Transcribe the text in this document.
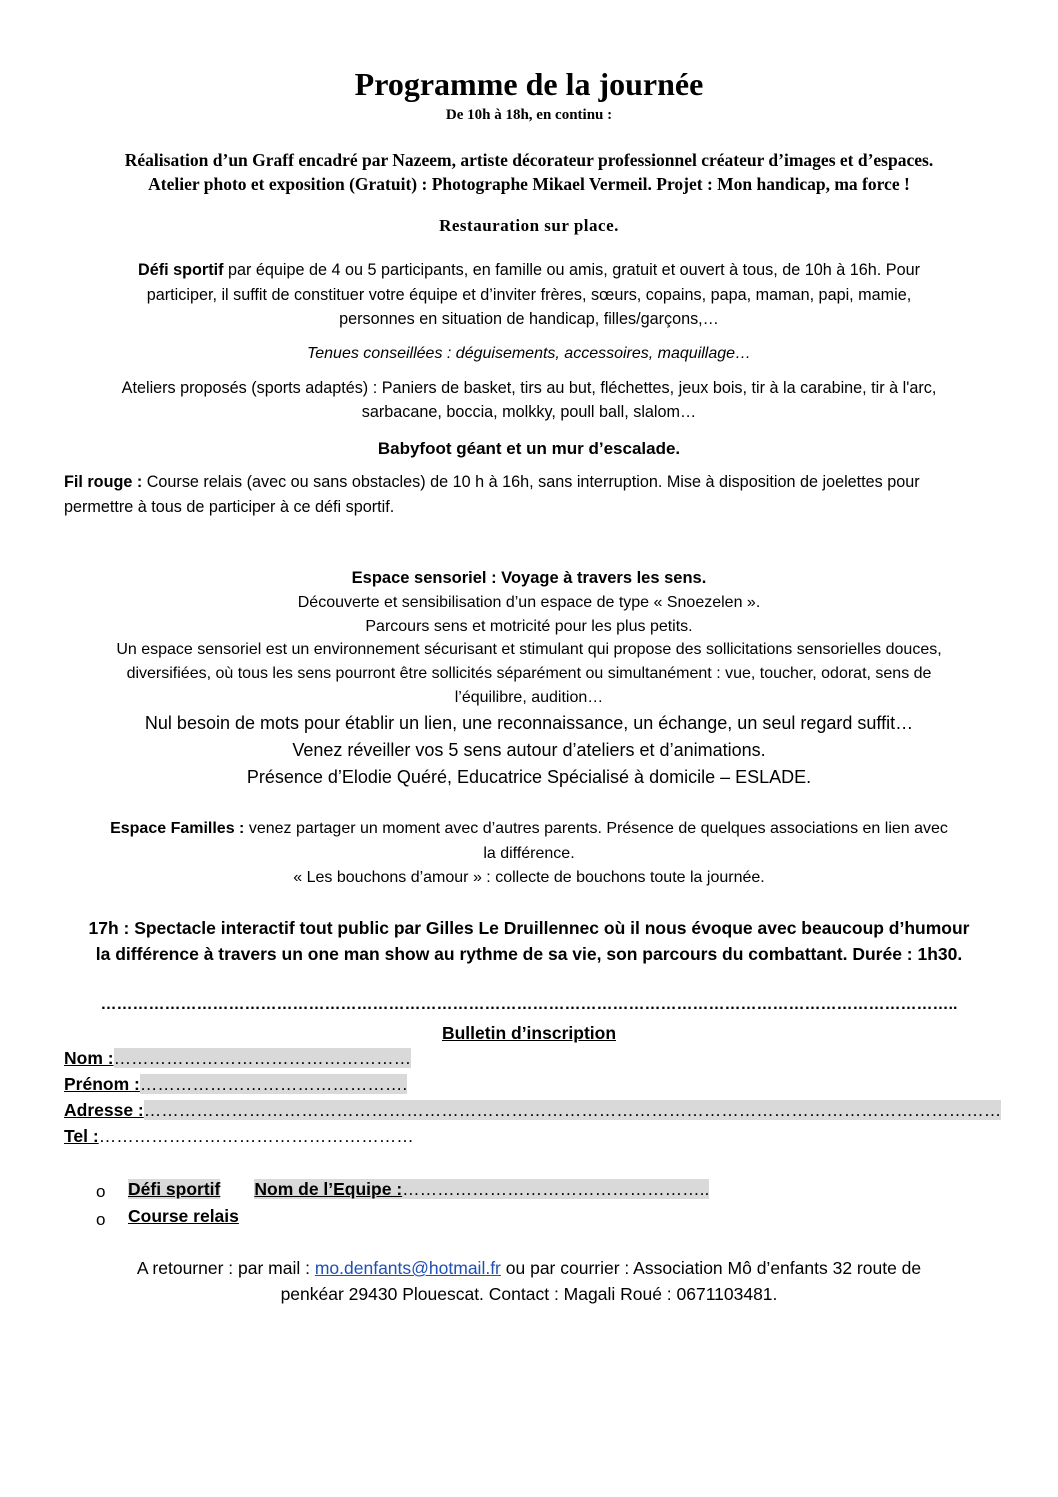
Programme de la journée
De 10h à 18h, en continu :
Réalisation d’un Graff encadré par Nazeem, artiste décorateur professionnel créateur d’images et d’espaces.
Atelier photo et exposition (Gratuit) : Photographe Mikael Vermeil. Projet : Mon handicap, ma force !
Restauration sur place.
Défi sportif par équipe de 4 ou 5 participants, en famille ou amis, gratuit et ouvert à tous, de 10h à 16h. Pour
participer, il suffit de constituer votre équipe et d’inviter frères, sœurs, copains, papa, maman, papi, mamie,
personnes en situation de handicap, filles/garçons,…
Tenues conseillées : déguisements, accessoires, maquillage…
Ateliers proposés (sports adaptés) : Paniers de basket, tirs au but, fléchettes, jeux bois, tir à la carabine, tir à l'arc,
sarbacane, boccia, molkky, poull ball, slalom…
Babyfoot géant et un mur d’escalade.
Fil rouge : Course relais (avec ou sans obstacles) de 10 h à 16h, sans interruption. Mise à disposition de joelettes pour
permettre à tous de participer à ce défi sportif.
Espace sensoriel : Voyage à travers les sens.
Découverte et sensibilisation d’un espace de type « Snoezelen ».
Parcours sens et motricité pour les plus petits.
Un espace sensoriel est un environnement sécurisant et stimulant qui propose des sollicitations sensorielles douces,
diversifiées, où tous les sens pourront être sollicités séparément ou simultanément : vue, toucher, odorat, sens de
l’équilibre, audition…
Nul besoin de mots pour établir un lien, une reconnaissance, un échange, un seul regard suffit…
Venez réveiller vos 5 sens autour d’ateliers et d’animations.
Présence d’Elodie Quéré, Educatrice Spécialisé à domicile – ESLADE.
Espace Familles : venez partager un moment avec d’autres parents. Présence de quelques associations en lien avec
la différence.
« Les bouchons d’amour » : collecte de bouchons toute la journée.
17h : Spectacle interactif tout public par Gilles Le Druillennec où il nous évoque avec beaucoup d’humour
la différence à travers un one man show au rythme de sa vie, son parcours du combattant. Durée : 1h30.
……………………………………………………………………………………………………………………………………………..
Bulletin d’inscription
Nom :……………………………………………
Prénom :……………………………………….
Adresse :…………………………………………………………………………………………………………………………………
Tel :………………………………………………
o Défi sportif Nom de l’Equipe :……………………………………………..
o Course relais
A retourner : par mail : mo.denfants@hotmail.fr ou par courrier : Association Mô d’enfants 32 route de
penkéar 29430 Plouescat. Contact : Magali Roué : 0671103481.
